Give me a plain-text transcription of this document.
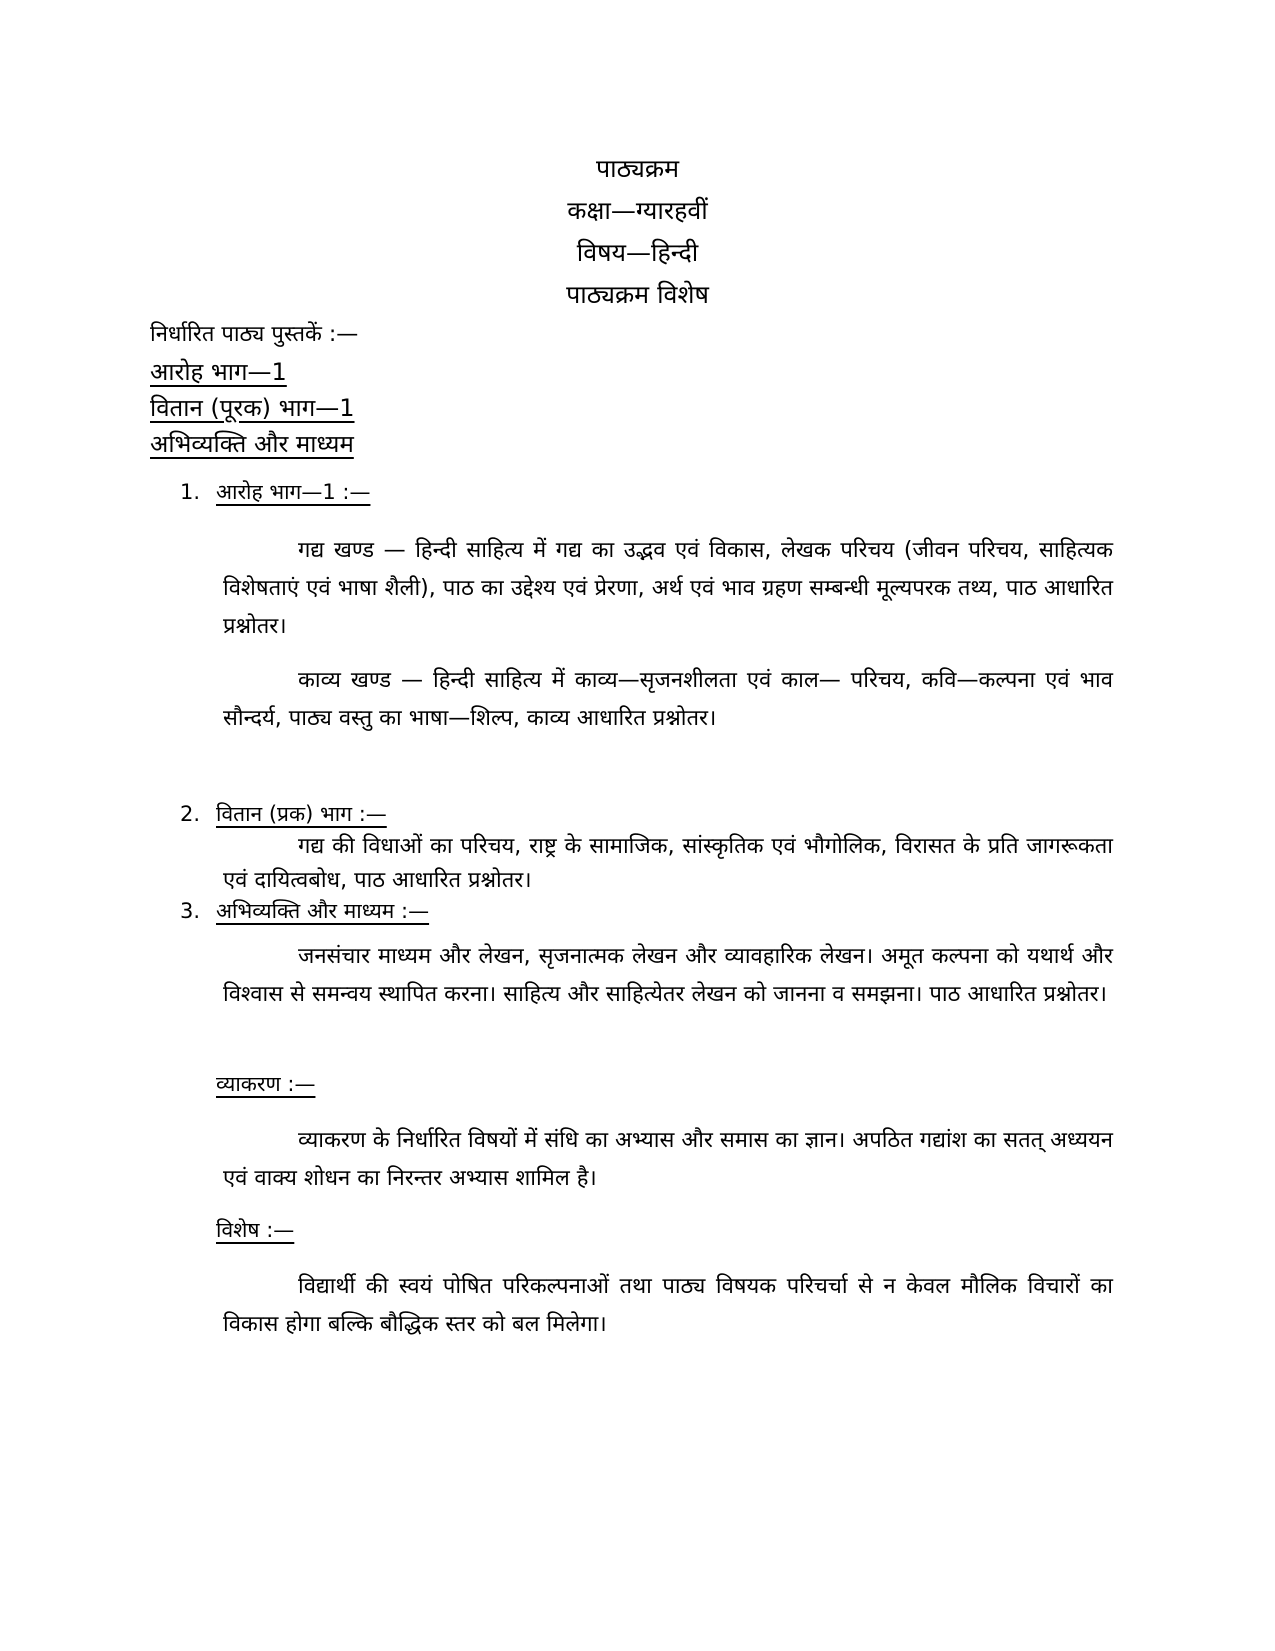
पाठ्यक्रम
कक्षा—ग्यारहवीं
विषय—हिन्दी
पाठ्यक्रम विशेष
निर्धारित पाठ्य पुस्तकें :—
आरोह भाग—1
वितान (पूरक) भाग—1
अभिव्यक्ति और माध्यम
1. आरोह भाग—1 :—
गद्य खण्ड — हिन्दी साहित्य में गद्य का उद्भव एवं विकास, लेखक परिचय (जीवन परिचय, साहित्यक विशेषताएं एवं भाषा शैली), पाठ का उद्देश्य एवं प्रेरणा, अर्थ एवं भाव ग्रहण सम्बन्धी मूल्यपरक तथ्य, पाठ आधारित प्रश्नोतर।
काव्य खण्ड — हिन्दी साहित्य में काव्य—सृजनशीलता एवं काल— परिचय, कवि—कल्पना एवं भाव सौन्दर्य, पाठ्य वस्तु का भाषा—शिल्प, काव्य आधारित प्रश्नोतर।
2. वितान (प्रक) भाग :—
गद्य की विधाओं का परिचय, राष्ट्र के सामाजिक, सांस्कृतिक एवं भौगोलिक, विरासत के प्रति जागरूकता एवं दायित्वबोध, पाठ आधारित प्रश्नोतर।
3. अभिव्यक्ति और माध्यम :—
जनसंचार माध्यम और लेखन, सृजनात्मक लेखन और व्यावहारिक लेखन। अमूत कल्पना को यथार्थ और विश्वास से समन्वय स्थापित करना। साहित्य और साहित्येतर लेखन को जानना व समझना। पाठ आधारित प्रश्नोतर।
व्याकरण :—
व्याकरण के निर्धारित विषयों में संधि का अभ्यास और समास का ज्ञान। अपठित गद्यांश का सतत् अध्ययन एवं वाक्य शोधन का निरन्तर अभ्यास शामिल है।
विशेष :—
विद्यार्थी की स्वयं पोषित परिकल्पनाओं तथा पाठ्य विषयक परिचर्चा से न केवल मौलिक विचारों का विकास होगा बल्कि बौद्धिक स्तर को बल मिलेगा।
